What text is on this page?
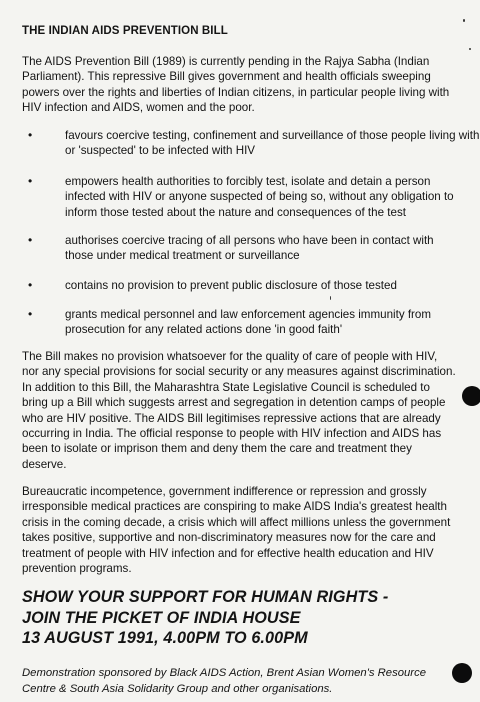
THE INDIAN AIDS PREVENTION BILL
The AIDS Prevention Bill (1989) is currently pending in the Rajya Sabha (Indian
Parliament). This repressive Bill gives government and health officials sweeping
powers over the rights and liberties of Indian citizens, in particular people living with
HIV infection and AIDS, women and the poor.
•	favours coercive testing, confinement and surveillance of those people living with
or 'suspected' to be infected with HIV
•	empowers health authorities to forcibly test, isolate and detain a person
infected with HIV or anyone suspected of being so, without any obligation to
inform those tested about the nature and consequences of the test
•	authorises coercive tracing of all persons who have been in contact with
those under medical treatment or surveillance
•	contains no provision to prevent public disclosure of those tested
•	grants medical personnel and law enforcement agencies immunity from
prosecution for any related actions done 'in good faith'
The Bill makes no provision whatsoever for the quality of care of people with HIV,
nor any special provisions for social security or any measures against discrimination.
In addition to this Bill, the Maharashtra State Legislative Council is scheduled to
bring up a Bill which suggests arrest and segregation in detention camps of people
who are HIV positive. The AIDS Bill legitimises repressive actions that are already
occurring in India. The official response to people with HIV infection and AIDS has
been to isolate or imprison them and deny them the care and treatment they
deserve.
Bureaucratic incompetence, government indifference or repression and grossly
irresponsible medical practices are conspiring to make AIDS India's greatest health
crisis in the coming decade, a crisis which will affect millions unless the government
takes positive, supportive and non-discriminatory measures now for the care and
treatment of people with HIV infection and for effective health education and HIV
prevention programs.
SHOW YOUR SUPPORT FOR HUMAN RIGHTS -
JOIN THE PICKET OF INDIA HOUSE
13 AUGUST 1991, 4.00PM TO 6.00PM
Demonstration sponsored by Black AIDS Action, Brent Asian Women's Resource
Centre & South Asia Solidarity Group and other organisations.
